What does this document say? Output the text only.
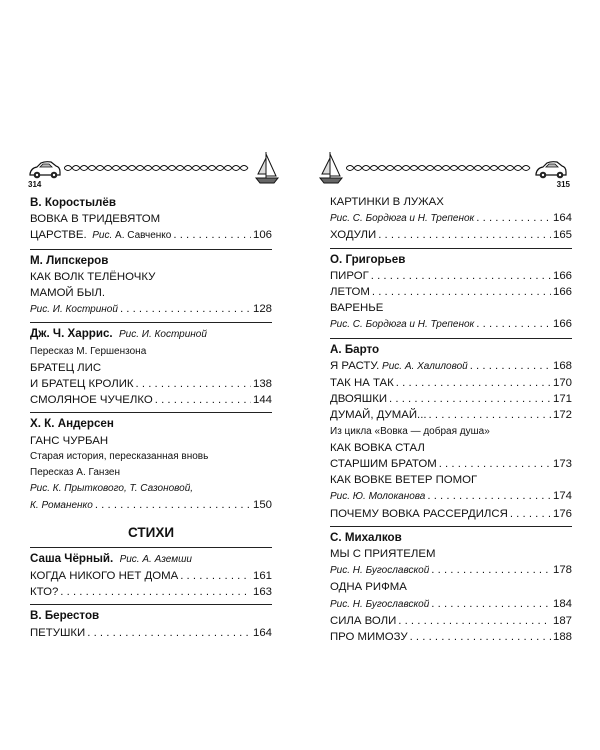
314	315
В. Коростылёв
ВОВКА В ТРИДЕВЯТОМ
ЦАРСТВЕ. Рис. А. Савченко . . .	106
М. Липскеров
КАК ВОЛК ТЕЛЁНОЧКУ
МАМОЙ БЫЛ.
Рис. И. Костриной . . .	128
Дж. Ч. Харрис. Рис. И. Костриной
Пересказ М. Гершензона
БРАТЕЦ ЛИС
И БРАТЕЦ КРОЛИК . . .	138
СМОЛЯНОЕ ЧУЧЕЛКО . . .	144
Х. К. Андерсен
ГАНС ЧУРБАН
Старая история, пересказанная вновь
Пересказ А. Ганзен
Рис. К. Прыткового, Т. Сазоновой,
К. Романенко . . .	150
СТИХИ
Саша Чёрный. Рис. А. Аземши
КОГДА НИКОГО НЕТ ДОМА . . .	161
КТО? . . .	163
В. Берестов
ПЕТУШКИ . . .	164
КАРТИНКИ В ЛУЖАХ
Рис. С. Бордюга и Н. Трепенок . . .	164
ХОДУЛИ . . .	165
О. Григорьев
ПИРОГ . . .	166
ЛЕТОМ . . .	166
ВАРЕНЬЕ
Рис. С. Бордюга и Н. Трепенок . . .	166
А. Барто
Я РАСТУ. Рис. А. Халиловой . . .	168
ТАК НА ТАК . . .	170
ДВОЯШКИ . . .	171
ДУМАЙ, ДУМАЙ... . . .	172
Из цикла «Вовка — добрая душа»
КАК ВОВКА СТАЛ
СТАРШИМ БРАТОМ . . .	173
КАК ВОВКЕ ВЕТЕР ПОМОГ
Рис. Ю. Молоканова . . .	174
ПОЧЕМУ ВОВКА РАССЕРДИЛСЯ . . .	176
С. Михалков
МЫ С ПРИЯТЕЛЕМ
Рис. Н. Бугославской . . .	178
ОДНА РИФМА
Рис. Н. Бугославской . . .	184
СИЛА ВОЛИ . . .	187
ПРО МИМОЗУ . . .	188
